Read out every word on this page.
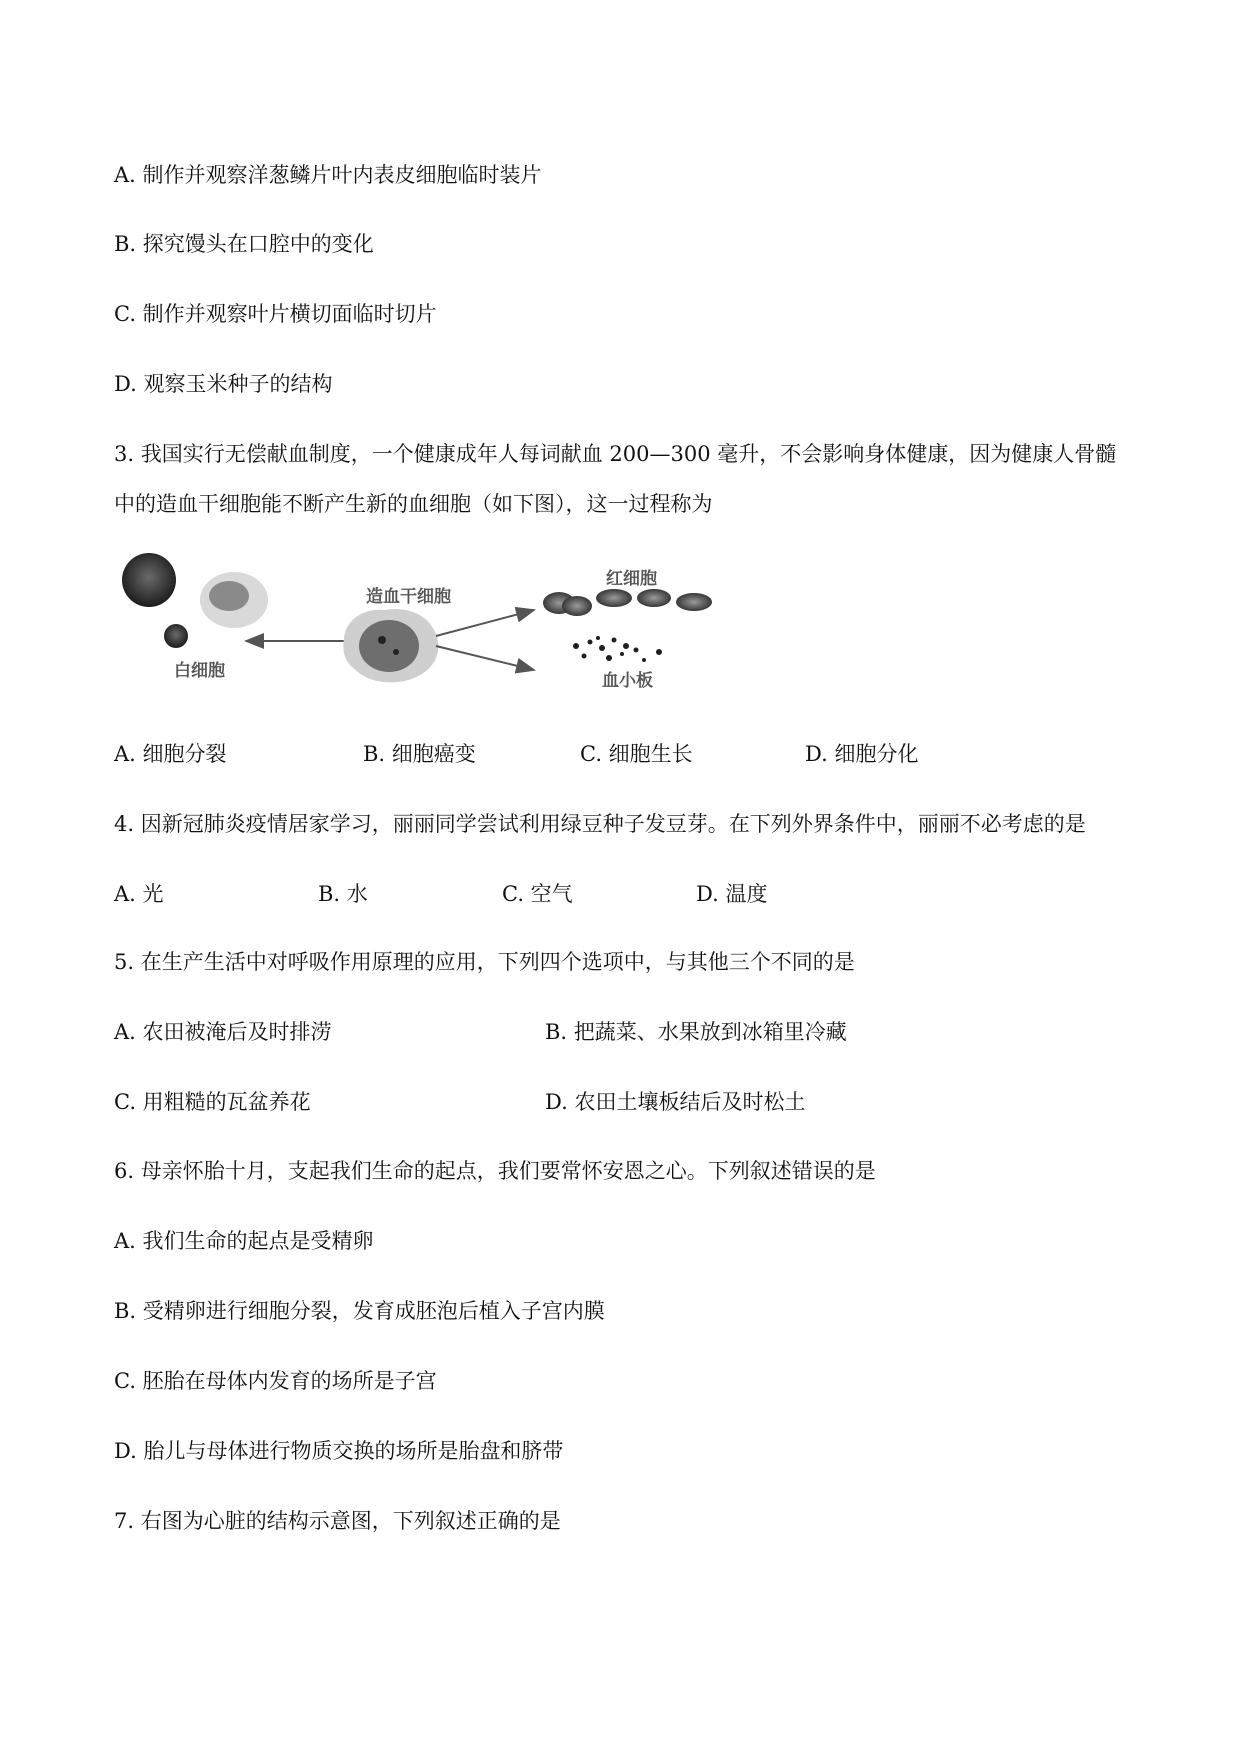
A. 制作并观察洋葱鳞片叶内表皮细胞临时装片
B. 探究馒头在口腔中的变化
C. 制作并观察叶片横切面临时切片
D. 观察玉米种子的结构
3. 我国实行无偿献血制度，一个健康成年人每词献血 200—300 毫升，不会影响身体健康，因为健康人骨髓
中的造血干细胞能不断产生新的血细胞（如下图），这一过程称为
造血干细胞
红细胞
白细胞	血小板
A. 细胞分裂	B. 细胞癌变	C. 细胞生长	D. 细胞分化
4. 因新冠肺炎疫情居家学习，丽丽同学尝试利用绿豆种子发豆芽。在下列外界条件中，丽丽不必考虑的是
A. 光	B. 水	C. 空气	D. 温度
5. 在生产生活中对呼吸作用原理的应用，下列四个选项中，与其他三个不同的是
A. 农田被淹后及时排涝	B. 把蔬菜、水果放到冰箱里冷藏
C. 用粗糙的瓦盆养花	D. 农田土壤板结后及时松土
6. 母亲怀胎十月，支起我们生命的起点，我们要常怀安恩之心。下列叙述错误的是
A. 我们生命的起点是受精卵
B. 受精卵进行细胞分裂，发育成胚泡后植入子宫内膜
C. 胚胎在母体内发育的场所是子宫
D. 胎儿与母体进行物质交换的场所是胎盘和脐带
7. 右图为心脏的结构示意图，下列叙述正确的是
